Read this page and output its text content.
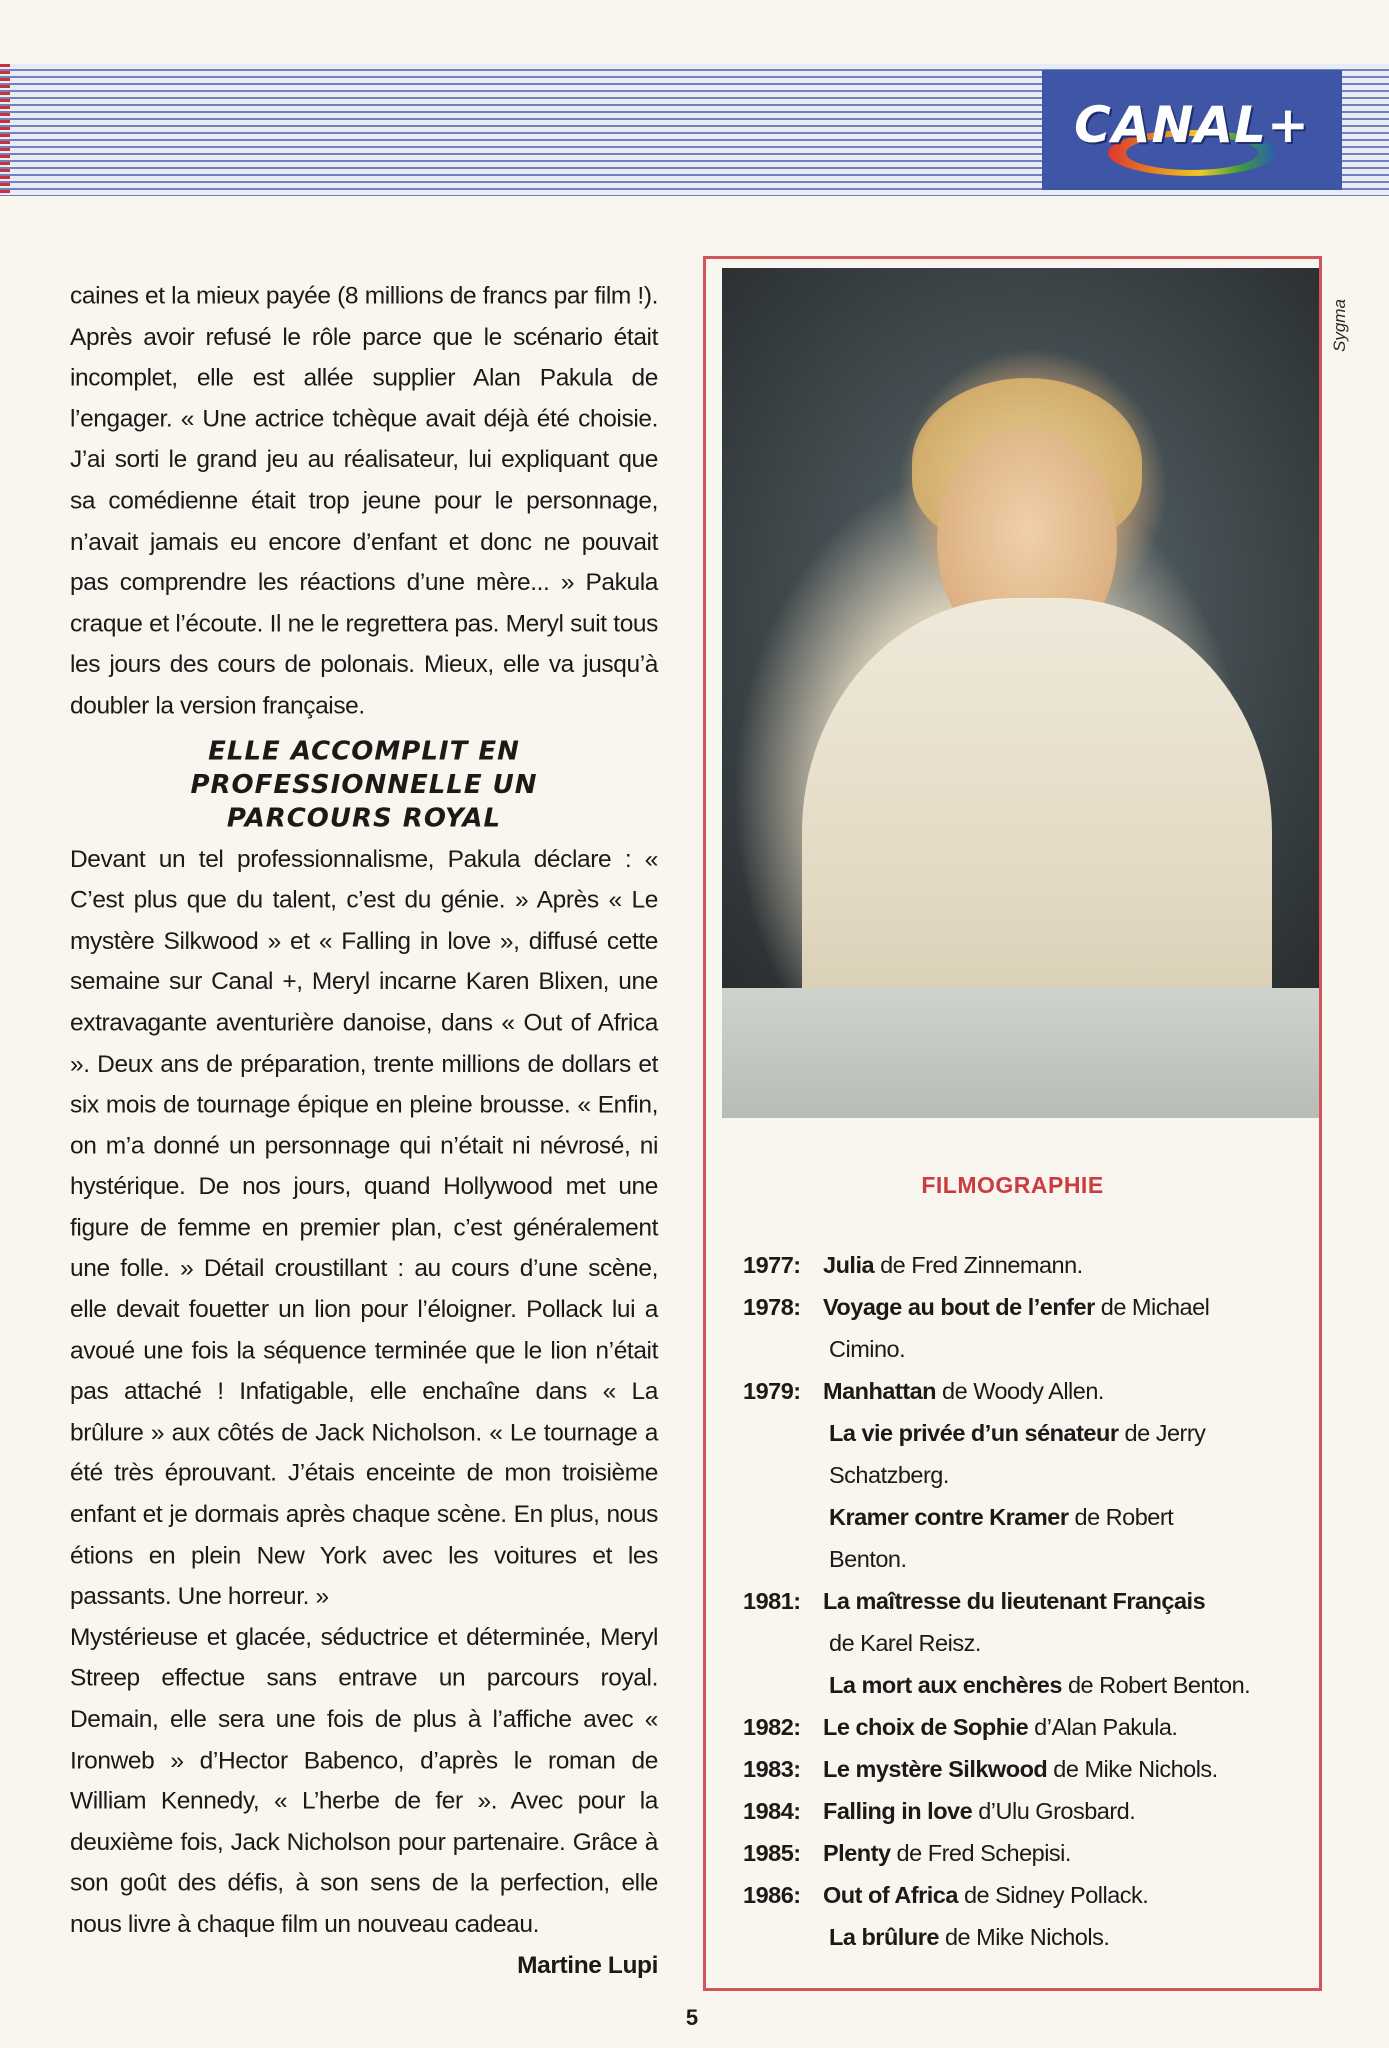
CANAL+

caines et la mieux payée (8 millions de francs par film !). Après avoir refusé le rôle parce que le scénario était incomplet, elle est allée supplier Alan Pakula de l’engager. « Une actrice tchèque avait déjà été choisie. J’ai sorti le grand jeu au réalisateur, lui expliquant que sa comédienne était trop jeune pour le personnage, n’avait jamais eu encore d’enfant et donc ne pouvait pas comprendre les réactions d’une mère... » Pakula craque et l’écoute. Il ne le regrettera pas. Meryl suit tous les jours des cours de polonais. Mieux, elle va jusqu’à doubler la version française.

ELLE ACCOMPLIT EN
PROFESSIONNELLE UN
PARCOURS ROYAL

Devant un tel professionnalisme, Pakula déclare : « C’est plus que du talent, c’est du génie. » Après « Le mystère Silkwood » et « Falling in love », diffusé cette semaine sur Canal +, Meryl incarne Karen Blixen, une extravagante aventurière danoise, dans « Out of Africa ». Deux ans de préparation, trente millions de dollars et six mois de tournage épique en pleine brousse. « Enfin, on m’a donné un personnage qui n’était ni névrosé, ni hystérique. De nos jours, quand Hollywood met une figure de femme en premier plan, c’est généralement une folle. » Détail croustillant : au cours d’une scène, elle devait fouetter un lion pour l’éloigner. Pollack lui a avoué une fois la séquence terminée que le lion n’était pas attaché ! Infatigable, elle enchaîne dans « La brûlure » aux côtés de Jack Nicholson. « Le tournage a été très éprouvant. J’étais enceinte de mon troisième enfant et je dormais après chaque scène. En plus, nous étions en plein New York avec les voitures et les passants. Une horreur. »

Mystérieuse et glacée, séductrice et déterminée, Meryl Streep effectue sans entrave un parcours royal. Demain, elle sera une fois de plus à l’affiche avec « Ironweb » d’Hector Babenco, d’après le roman de William Kennedy, « L’herbe de fer ». Avec pour la deuxième fois, Jack Nicholson pour partenaire. Grâce à son goût des défis, à son sens de la perfection, elle nous livre à chaque film un nouveau cadeau.
Martine Lupi

Sygma
FILMOGRAPHIE
1977:Julia de Fred Zinnemann.
1978:Voyage au bout de l’enfer de Michael
Cimino.
1979:Manhattan de Woody Allen.
La vie privée d’un sénateur de Jerry
Schatzberg.
Kramer contre Kramer de Robert
Benton.
1981:La maîtresse du lieutenant Français
de Karel Reisz.
La mort aux enchères de Robert Benton.
1982:Le choix de Sophie d’Alan Pakula.
1983:Le mystère Silkwood de Mike Nichols.
1984:Falling in love d’Ulu Grosbard.
1985:Plenty de Fred Schepisi.
1986:Out of Africa de Sidney Pollack.
La brûlure de Mike Nichols.
5
